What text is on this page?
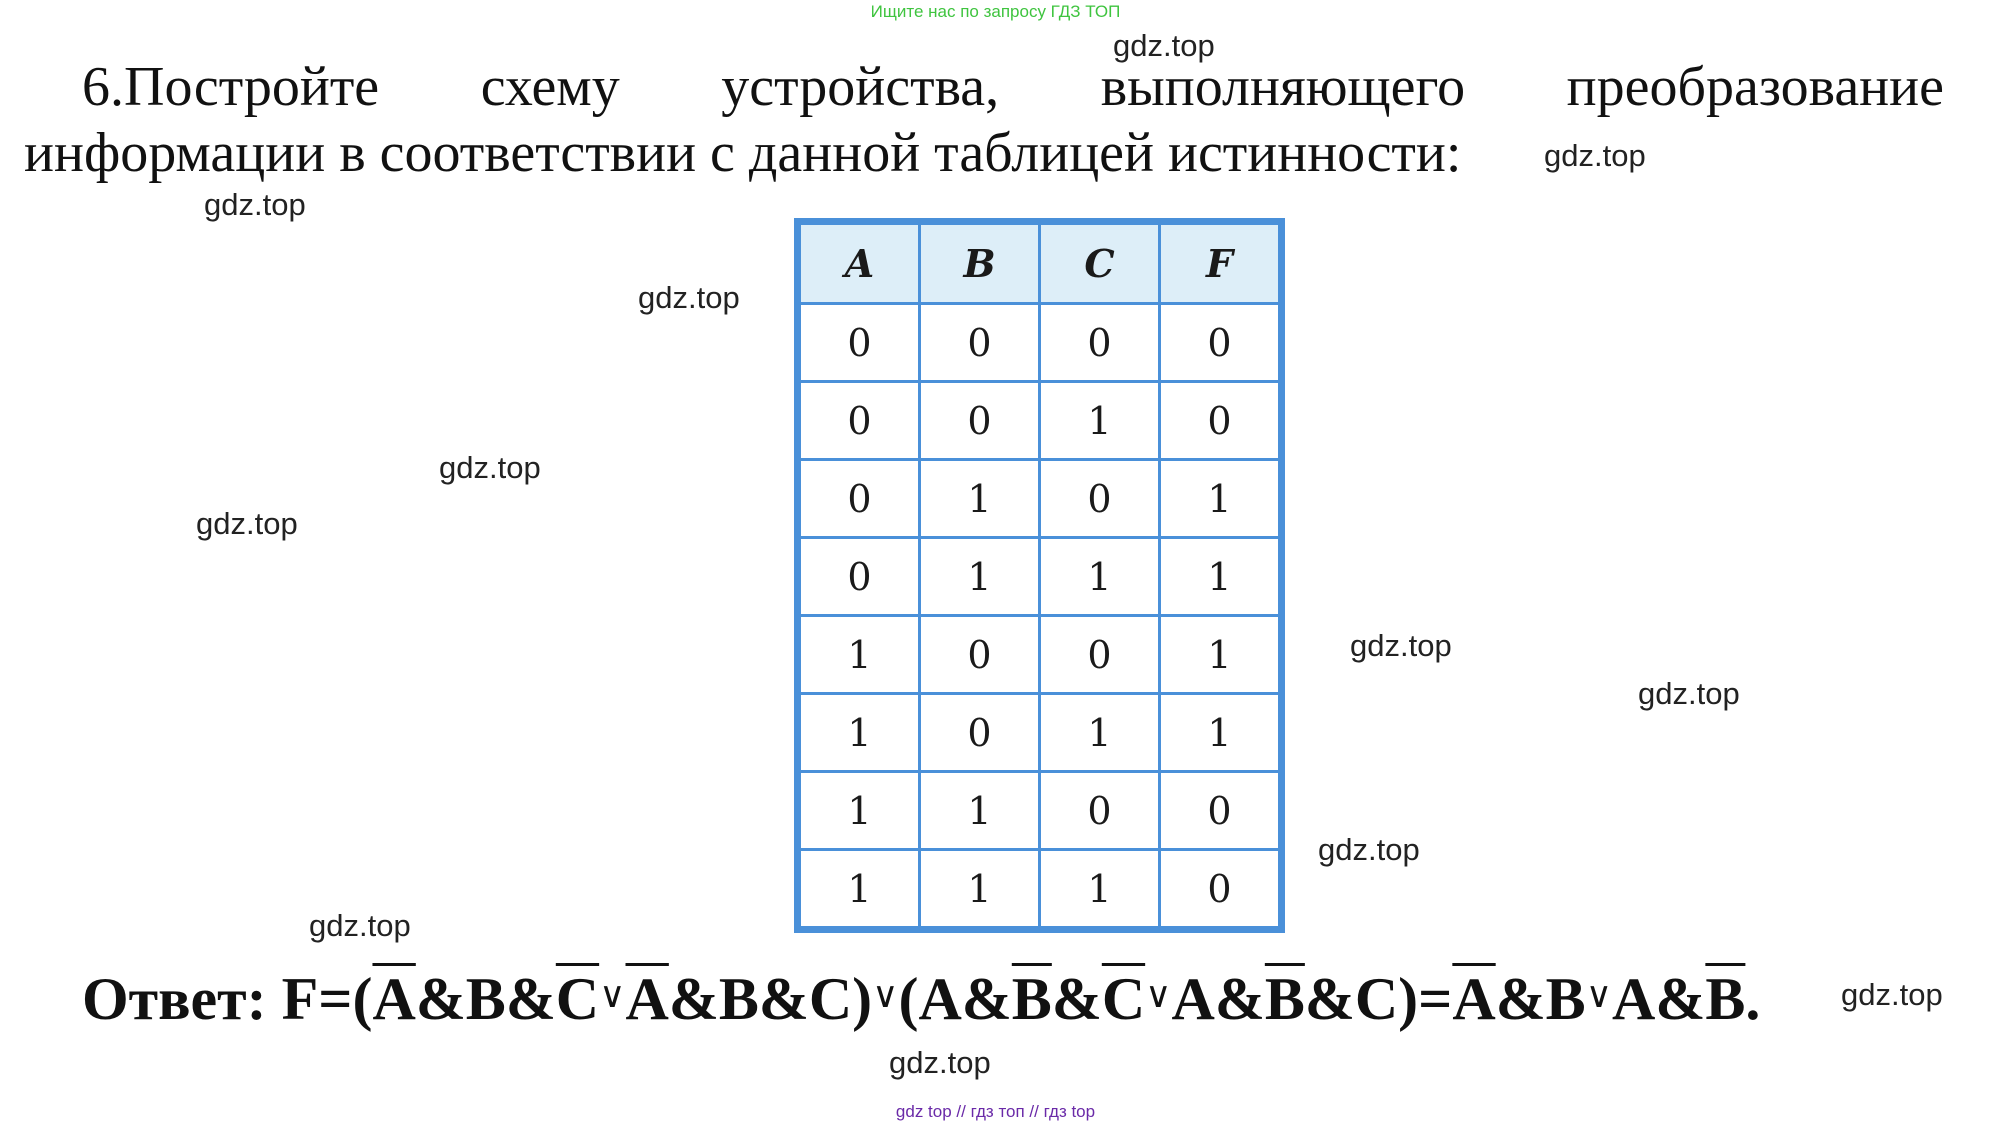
Ищите нас по запросу ГДЗ ТОП
6.Постройте схему устройства, выполняющего преобразование
информации в соответствии с данной таблицей истинности:
gdz.top
gdz.top
gdz.top
gdz.top
gdz.top
gdz.top
gdz.top
gdz.top
gdz.top
gdz.top
gdz.top
gdz.top
A	B	C	F
0	0	0	0
0	0	1	0
0	1	0	1
0	1	1	1
1	0	0	1
1	0	1	1
1	1	0	0
1	1	1	0
Ответ: $F=(\overline{A}\&B\&\overline{C}^\vee\overline{A}\&B\&C)^\vee(A\&\overline{B}\&\overline{C}^\vee A\&\overline{B}\&C)=\overline{A}\&B^\vee A\&\overline{B}$.
gdz top // гдз топ // гдз top
